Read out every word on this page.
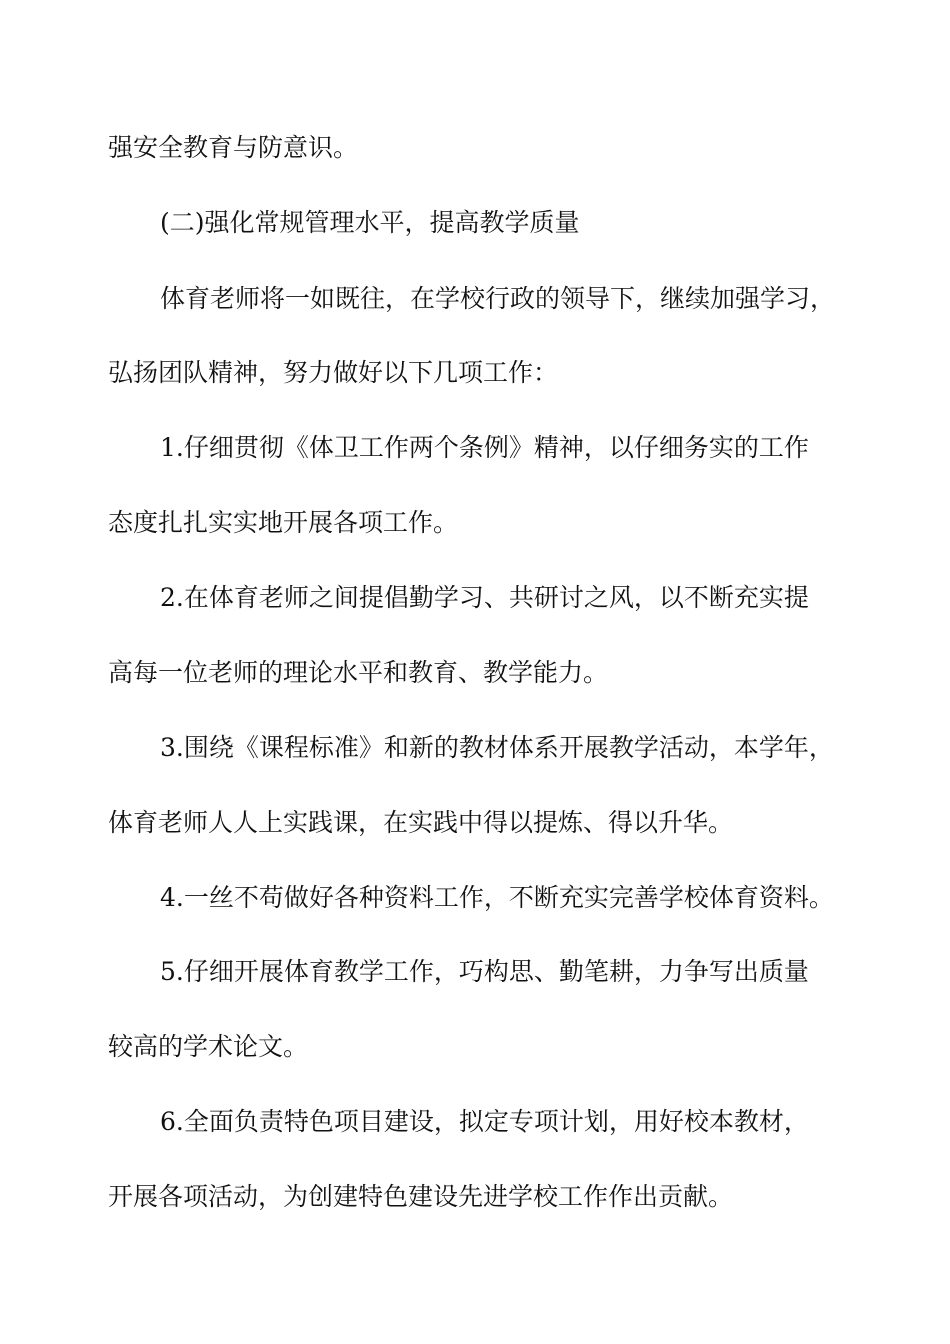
强安全教育与防意识。
(二)强化常规管理水平，提高教学质量
体育老师将一如既往，在学校行政的领导下，继续加强学习，
弘扬团队精神，努力做好以下几项工作：
1.仔细贯彻《体卫工作两个条例》精神，以仔细务实的工作
态度扎扎实实地开展各项工作。
2.在体育老师之间提倡勤学习、共研讨之风，以不断充实提
高每一位老师的理论水平和教育、教学能力。
3.围绕《课程标准》和新的教材体系开展教学活动，本学年，
体育老师人人上实践课，在实践中得以提炼、得以升华。
4.一丝不苟做好各种资料工作，不断充实完善学校体育资料。
5.仔细开展体育教学工作，巧构思、勤笔耕，力争写出质量
较高的学术论文。
6.全面负责特色项目建设，拟定专项计划，用好校本教材，
开展各项活动，为创建特色建设先进学校工作作出贡献。
